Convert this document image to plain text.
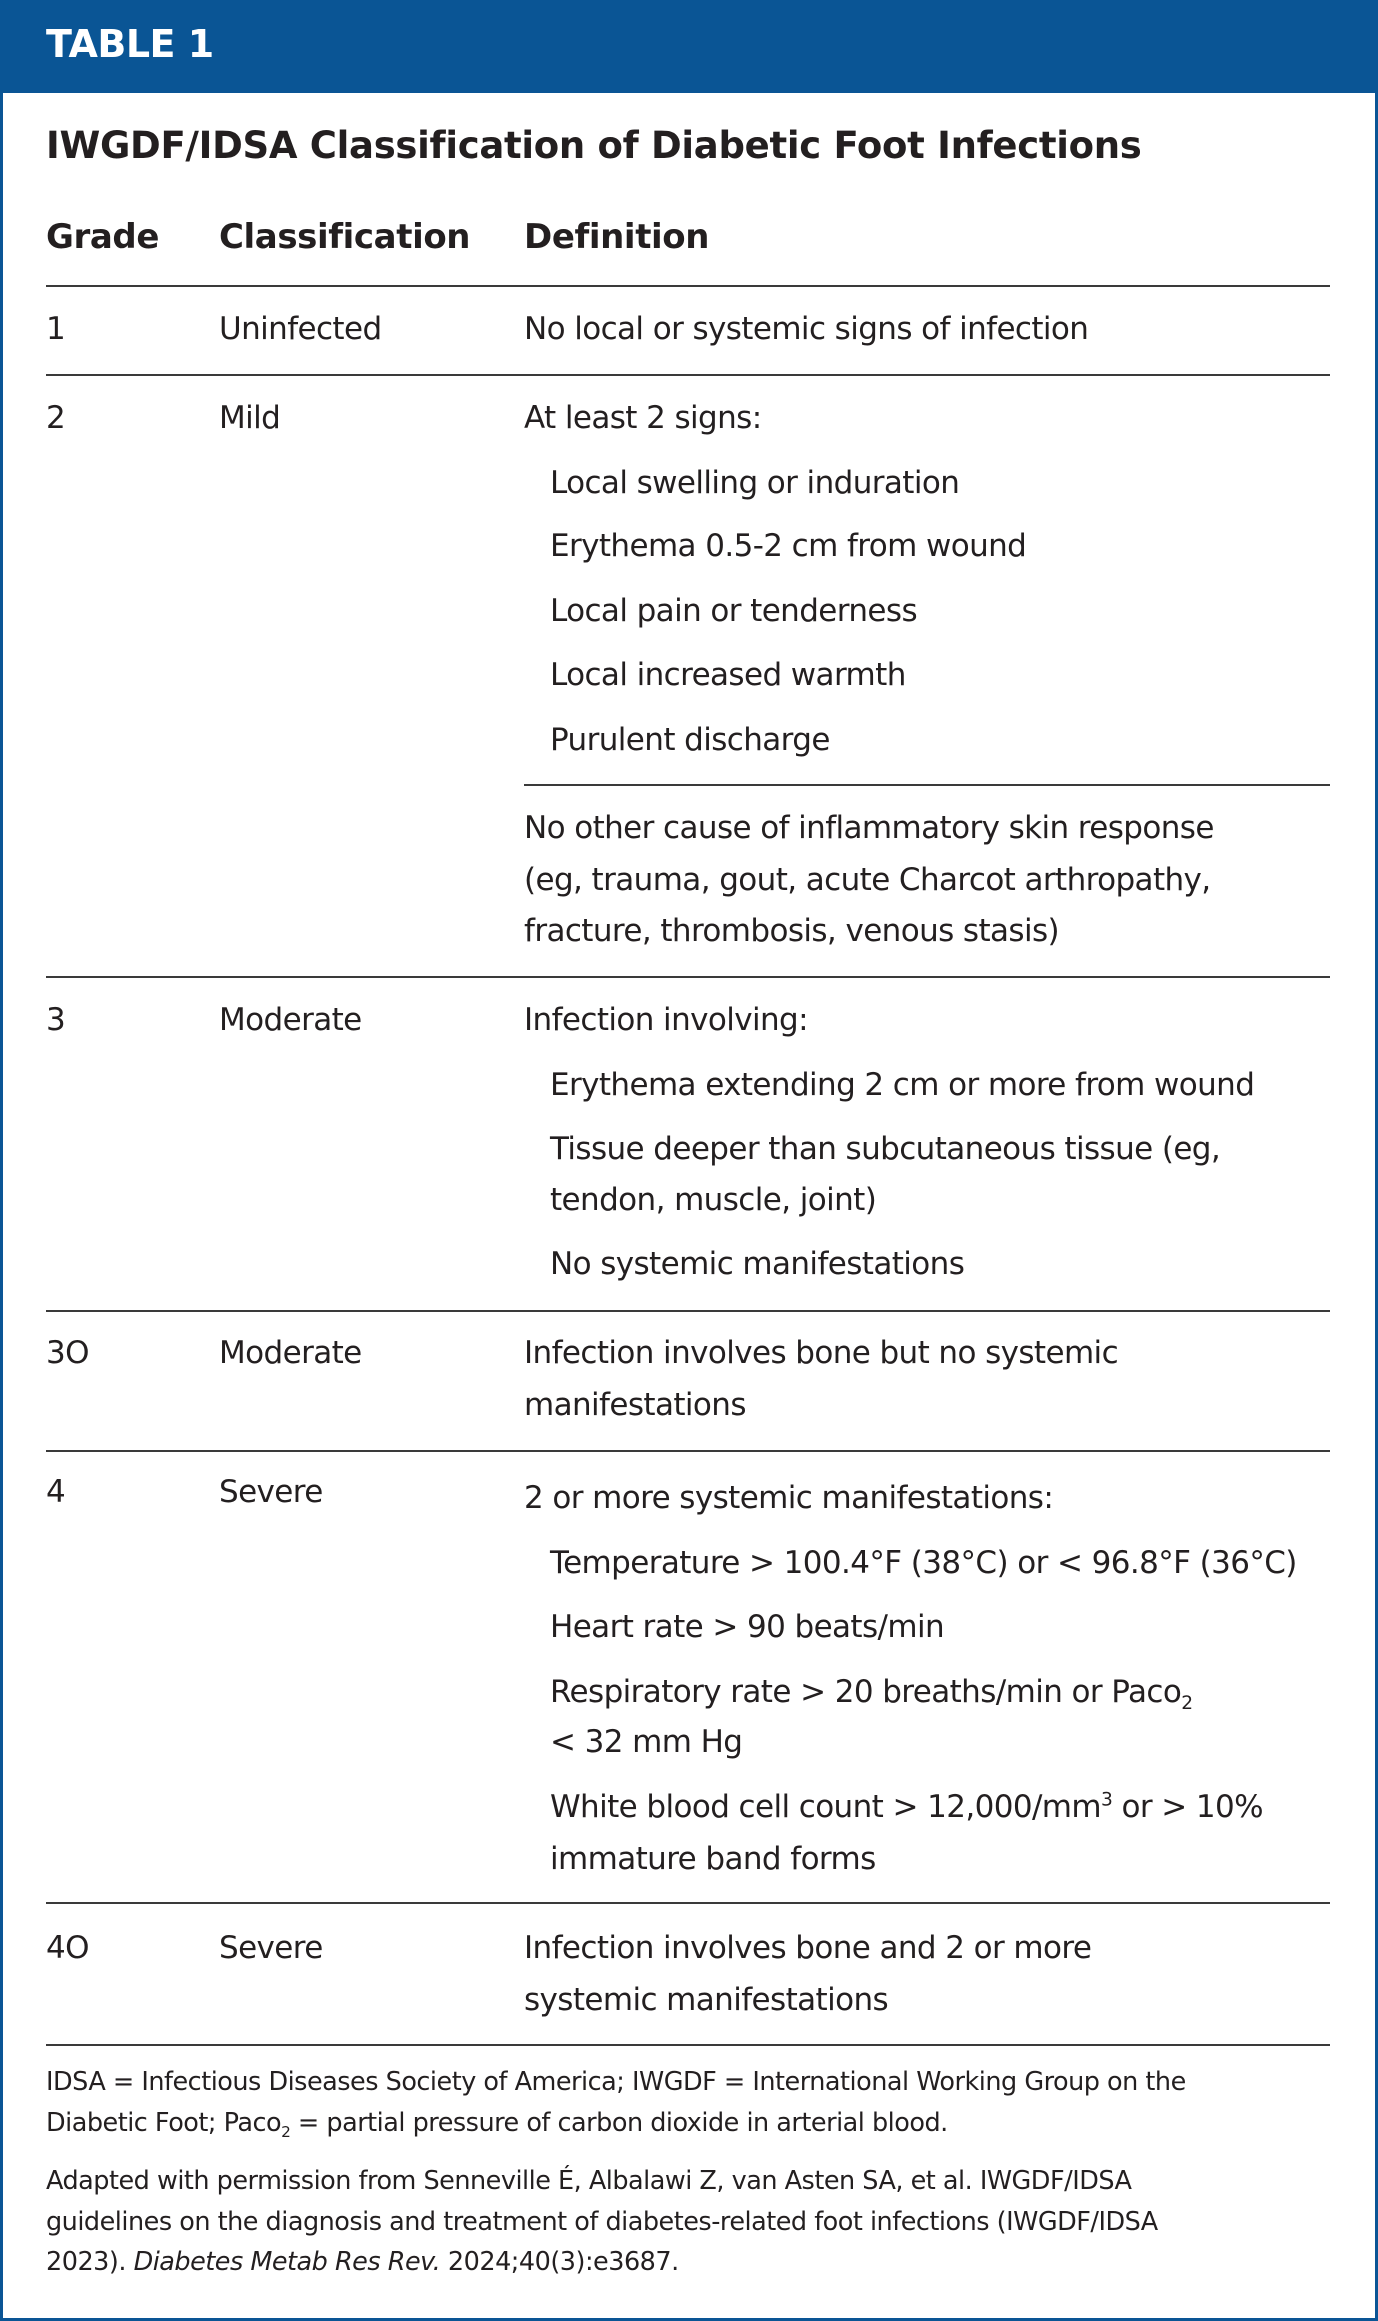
TABLE 1
IWGDF/IDSA Classification of Diabetic Foot Infections
Grade Classification Definition
1	Uninfected	No local or systemic signs of infection
2	Mild	At least 2 signs:
Local swelling or induration
Erythema 0.5-2 cm from wound
Local pain or tenderness
Local increased warmth
Purulent discharge
No other cause of inflammatory skin response
(eg, trauma, gout, acute Charcot arthropathy,
fracture, thrombosis, venous stasis)
3	Moderate	Infection involving:
Erythema extending 2 cm or more from wound
Tissue deeper than subcutaneous tissue (eg,
tendon, muscle, joint)
No systemic manifestations
3O	Moderate	Infection involves bone but no systemic
manifestations
4	Severe	2 or more systemic manifestations:
Temperature > 100.4°F (38°C) or < 96.8°F (36°C)
Heart rate > 90 beats/min
Respiratory rate > 20 breaths/min or Paco$_2$
< 32 mm Hg
White blood cell count > $12,000/mm^3$ or > 10%
immature band forms
4O	Severe	Infection involves bone and 2 or more
systemic manifestations
IDSA = Infectious Diseases Society of America; IWGDF = International Working Group on the
Diabetic Foot; Paco$_2$ = partial pressure of carbon dioxide in arterial blood.
Adapted with permission from Senneville É, Albalawi Z, van Asten SA, et al. IWGDF/IDSA
guidelines on the diagnosis and treatment of diabetes-related foot infections (IWGDF/IDSA
2023). Diabetes Metab Res Rev. 2024;40(3):e3687.
